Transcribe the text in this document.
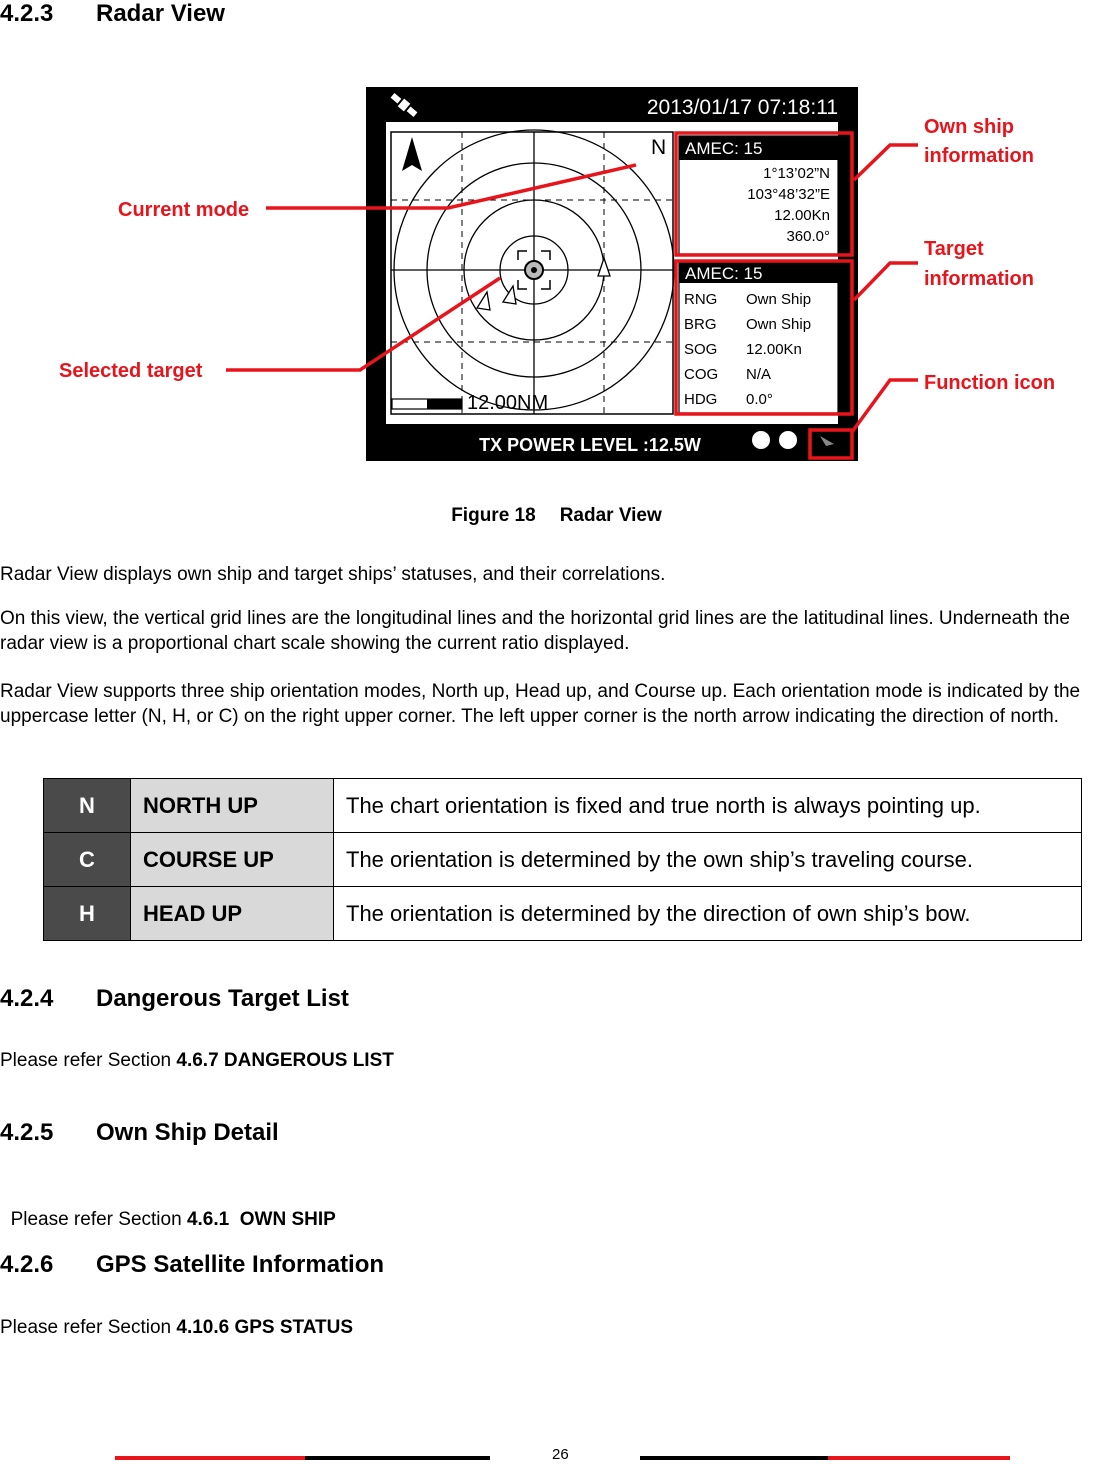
4.2.3 Radar View
2013/01/17 07:18:11
N
12.00NM
AMEC: 15
1°13’02”N
103°48’32”E
12.00Kn
360.0°
AMEC: 15
RNG Own Ship
BRG Own Ship
SOG 12.00Kn
COG N/A
HDG 0.0°
TX POWER LEVEL :12.5W
Current mode
Selected target
Own ship
information
Target
information
Function icon
Figure 18 Radar View
Radar View displays own ship and target ships’ statuses, and their correlations.
On this view, the vertical grid lines are the longitudinal lines and the horizontal grid lines are the latitudinal lines. Underneath the radar view is a proportional chart scale showing the current ratio displayed.
Radar View supports three ship orientation modes, North up, Head up, and Course up. Each orientation mode is indicated by the uppercase letter (N, H, or C) on the right upper corner. The left upper corner is the north arrow indicating the direction of north.
N	NORTH UP	The chart orientation is fixed and true north is always pointing up.
C	COURSE UP	The orientation is determined by the own ship’s traveling course.
H	HEAD UP	The orientation is determined by the direction of own ship’s bow.
4.2.4 Dangerous Target List
Please refer Section 4.6.7 DANGEROUS LIST
4.2.5 Own Ship Detail

Please refer Section 4.6.1  OWN SHIP

4.2.6 GPS Satellite Information
Please refer Section 4.10.6 GPS STATUS
26
